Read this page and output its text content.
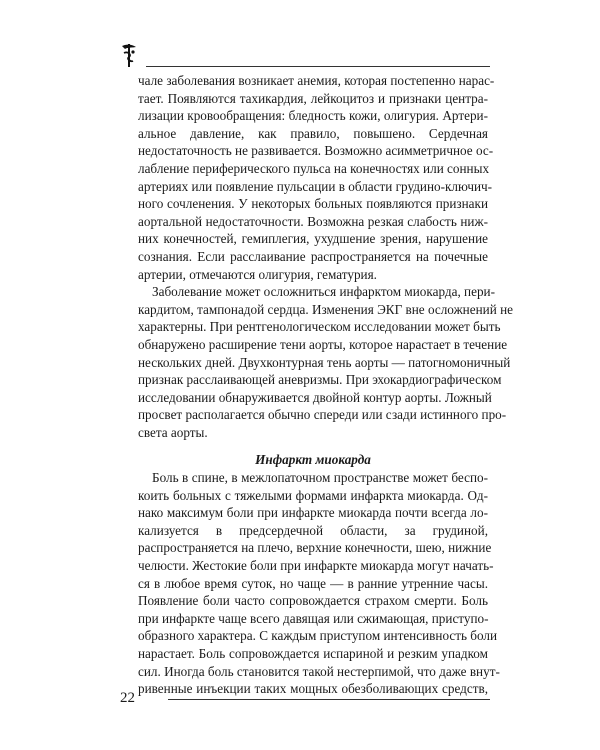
чале заболевания возникает анемия, которая постепенно нарас-
тает. Появляются тахикардия, лейкоцитоз и признаки центра-
лизации кровообращения: бледность кожи, олигурия. Артери-
альное давление, как правило, повышено. Сердечная
недостаточность не развивается. Возможно асимметричное ос-
лабление периферического пульса на конечностях или сонных
артериях или появление пульсации в области грудино-ключич-
ного сочленения. У некоторых больных появляются признаки
аортальной недостаточности. Возможна резкая слабость ниж-
них конечностей, гемиплегия, ухудшение зрения, нарушение
сознания. Если расслаивание распространяется на почечные
артерии, отмечаются олигурия, гематурия.
Заболевание может осложниться инфарктом миокарда, пери-
кардитом, тампонадой сердца. Изменения ЭКГ вне осложнений не
характерны. При рентгенологическом исследовании может быть
обнаружено расширение тени аорты, которое нарастает в течение
нескольких дней. Двухконтурная тень аорты — патогномоничный
признак расслаивающей аневризмы. При эхокардиографическом
исследовании обнаруживается двойной контур аорты. Ложный
просвет располагается обычно спереди или сзади истинного про-
света аорты.
Инфаркт миокарда
Боль в спине, в межлопаточном пространстве может беспо-
коить больных с тяжелыми формами инфаркта миокарда. Од-
нако максимум боли при инфаркте миокарда почти всегда ло-
кализуется в предсердечной области, за грудиной,
распространяется на плечо, верхние конечности, шею, нижние
челюсти. Жестокие боли при инфаркте миокарда могут начать-
ся в любое время суток, но чаще — в ранние утренние часы.
Появление боли часто сопровождается страхом смерти. Боль
при инфаркте чаще всего давящая или сжимающая, приступо-
образного характера. С каждым приступом интенсивность боли
нарастает. Боль сопровождается испариной и резким упадком
сил. Иногда боль становится такой нестерпимой, что даже внут-
ривенные инъекции таких мощных обезболивающих средств,
22
